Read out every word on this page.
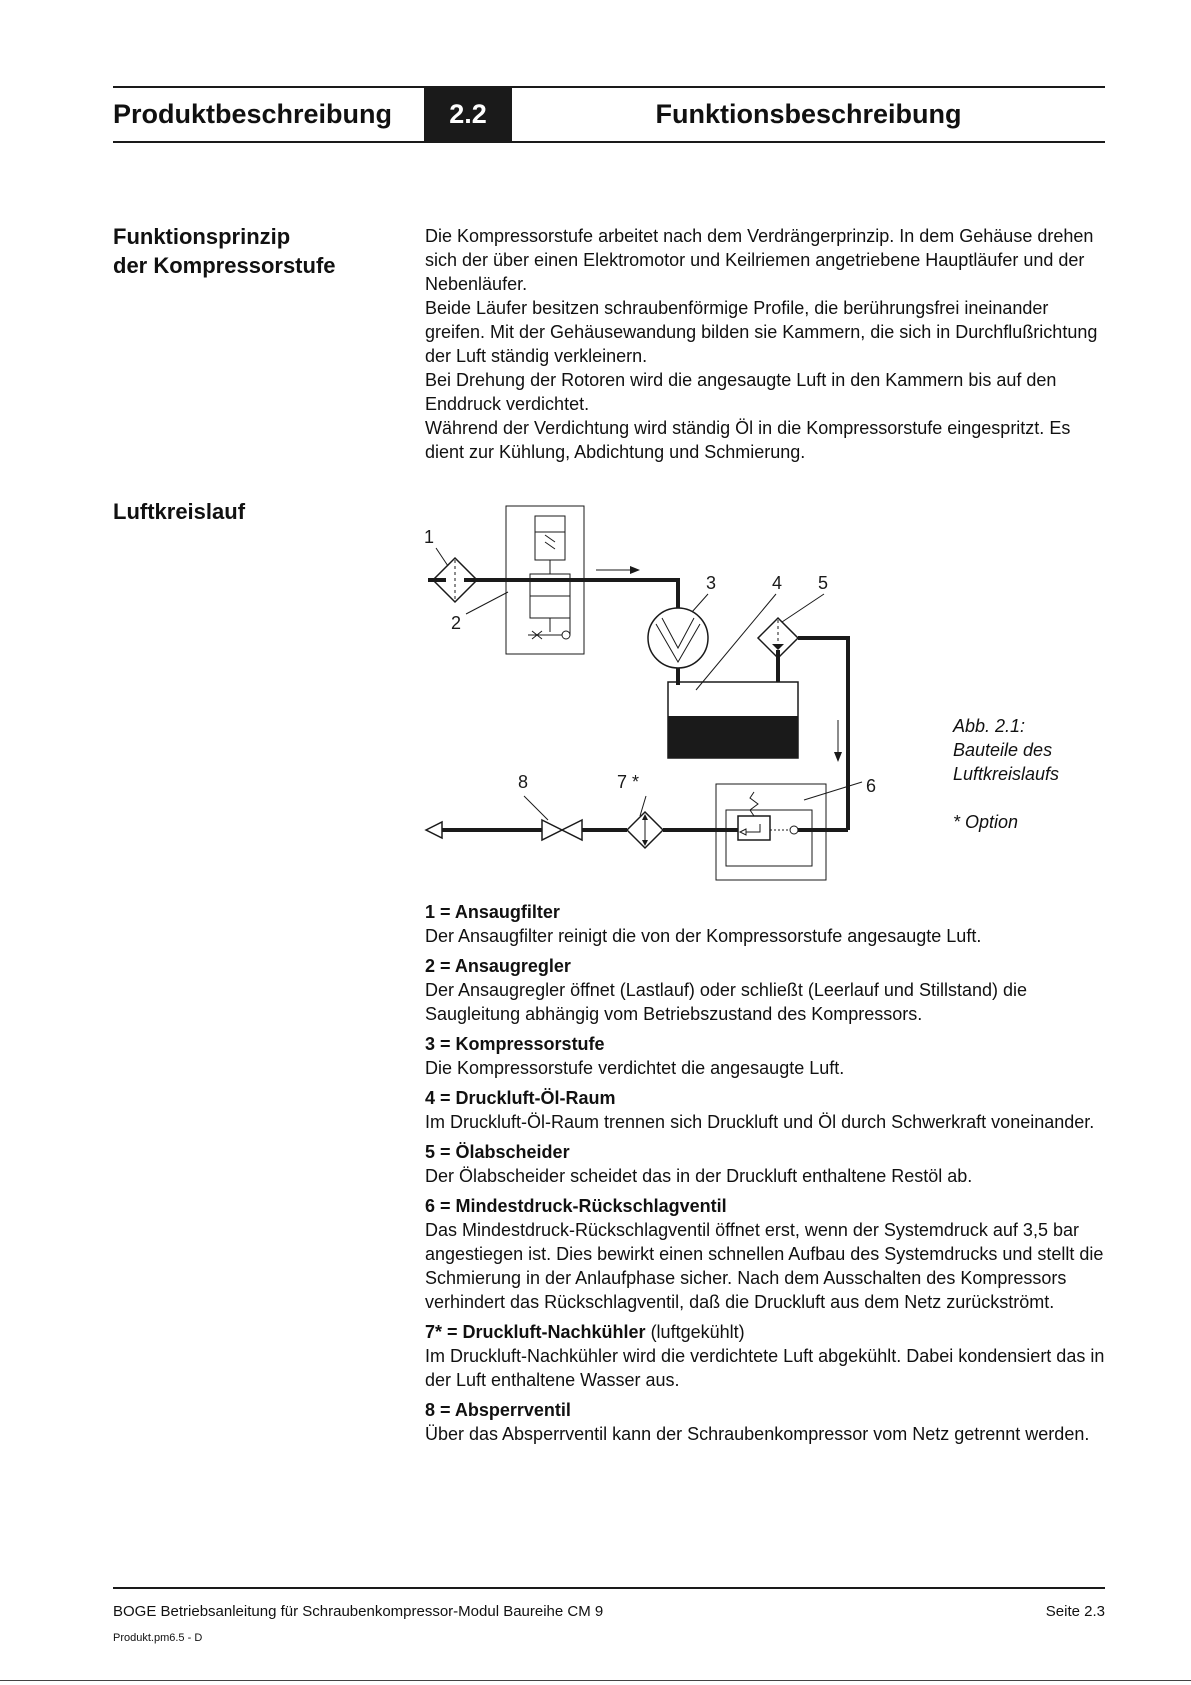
Produktbeschreibung	2.2	Funktionsbeschreibung
Funktionsprinzip
der Kompressorstufe

Die Kompressorstufe arbeitet nach dem Verdrängerprinzip. In dem Gehäuse drehen sich der über einen Elektromotor und Keilriemen angetriebene Hauptläufer und der Nebenläufer.

Beide Läufer besitzen schraubenförmige Profile, die berührungsfrei ineinander greifen. Mit der Gehäusewandung bilden sie Kammern, die sich in Durchflußrichtung der Luft ständig verkleinern.

Bei Drehung der Rotoren wird die angesaugte Luft in den Kammern bis auf den Enddruck verdichtet.

Während der Verdichtung wird ständig Öl in die Kompressorstufe eingespritzt. Es dient zur Kühlung, Abdichtung und Schmierung.

Luftkreislauf
1
2
3	4 5
6
7 *
8
Abb. 2.1:
Bauteile des
Luftkreislaufs
* Option
1 = Ansaugfilter
Der Ansaugfilter reinigt die von der Kompressorstufe angesaugte Luft.
2 = Ansaugregler
Der Ansaugregler öffnet (Lastlauf) oder schließt (Leerlauf und Stillstand) die Saugleitung abhängig vom Betriebszustand des Kompressors.
3 = Kompressorstufe
Die Kompressorstufe verdichtet die angesaugte Luft.
4 = Druckluft-Öl-Raum
Im Druckluft-Öl-Raum trennen sich Druckluft und Öl durch Schwerkraft voneinander.
5 = Ölabscheider
Der Ölabscheider scheidet das in der Druckluft enthaltene Restöl ab.
6 = Mindestdruck-Rückschlagventil
Das Mindestdruck-Rückschlagventil öffnet erst, wenn der Systemdruck auf 3,5 bar angestiegen ist. Dies bewirkt einen schnellen Aufbau des Systemdrucks und stellt die Schmierung in der Anlaufphase sicher. Nach dem Ausschalten des Kompressors verhindert das Rückschlagventil, daß die Druckluft aus dem Netz zurückströmt.
7* = Druckluft-Nachkühler (luftgekühlt)
Im Druckluft-Nachkühler wird die verdichtete Luft abgekühlt. Dabei kondensiert das in der Luft enthaltene Wasser aus.
8 = Absperrventil
Über das Absperrventil kann der Schraubenkompressor vom Netz getrennt werden.
BOGE Betriebsanleitung für Schraubenkompressor-Modul Baureihe CM 9	Seite 2.3
Produkt.pm6.5 - D
